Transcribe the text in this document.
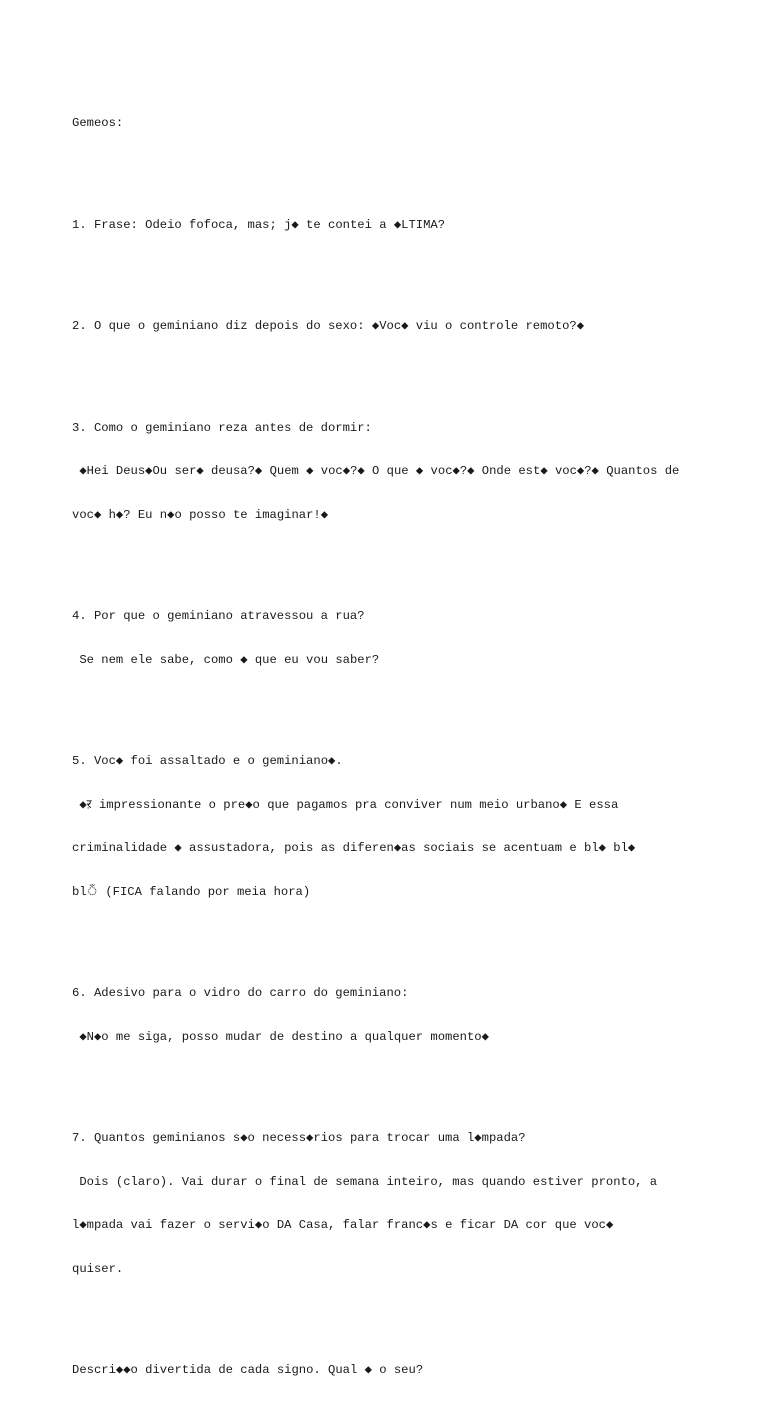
Gemeos:

1. Frase: Odeio fofoca, mas; j◆ te contei a ◆LTIMA?

2. O que o geminiano diz depois do sexo: ◆Voc◆ viu o controle remoto?◆

3. Como o geminiano reza antes de dormir:

◆Hei Deus◆Ou ser◆ deusa?◆ Quem ◆ voc◆?◆ O que ◆ voc◆?◆ Onde est◆ voc◆?◆ Quantos de

voc◆ h◆? Eu n◆o posso te imaginar!◆

4. Por que o geminiano atravessou a rua?

Se nem ele sabe, como ◆ que eu vou saber?

5. Voc◆ foi assaltado e o geminiano◆.

◆ऱ impressionante o pre◆o que pagamos pra conviver num meio urbano◆ E essa

criminalidade ◆ assustadora, pois as diferen◆as sociais se acentuam e bl◆ bl◆

blঁ (FICA falando por meia hora)

6. Adesivo para o vidro do carro do geminiano:

◆N◆o me siga, posso mudar de destino a qualquer momento◆

7. Quantos geminianos s◆o necess◆rios para trocar uma l◆mpada?

Dois (claro). Vai durar o final de semana inteiro, mas quando estiver pronto, a

l◆mpada vai fazer o servi◆o DA Casa, falar franc◆s e ficar DA cor que voc◆

quiser.

Descri◆◆o divertida de cada signo. Qual ◆ o seu?
